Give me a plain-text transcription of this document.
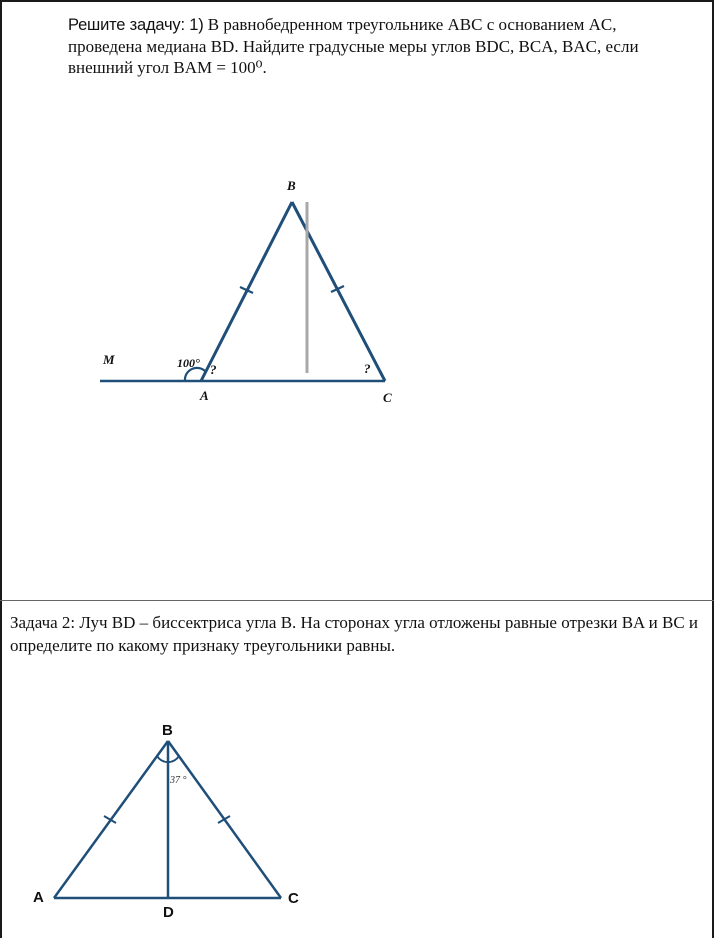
Решите задачу: 1) В равнобедренном треугольнике ABC с основанием AC, проведена медиана BD. Найдите градусные меры углов BDC, BCA, BAC, если внешний угол BAM = 100⁰.
B
M	100° ?	?
A	C
37 °
B
A	C
D
Задача 2: Луч BD – биссектриса угла B. На сторонах угла отложены равные отрезки BA и BC и определите по какому признаку треугольники равны.
